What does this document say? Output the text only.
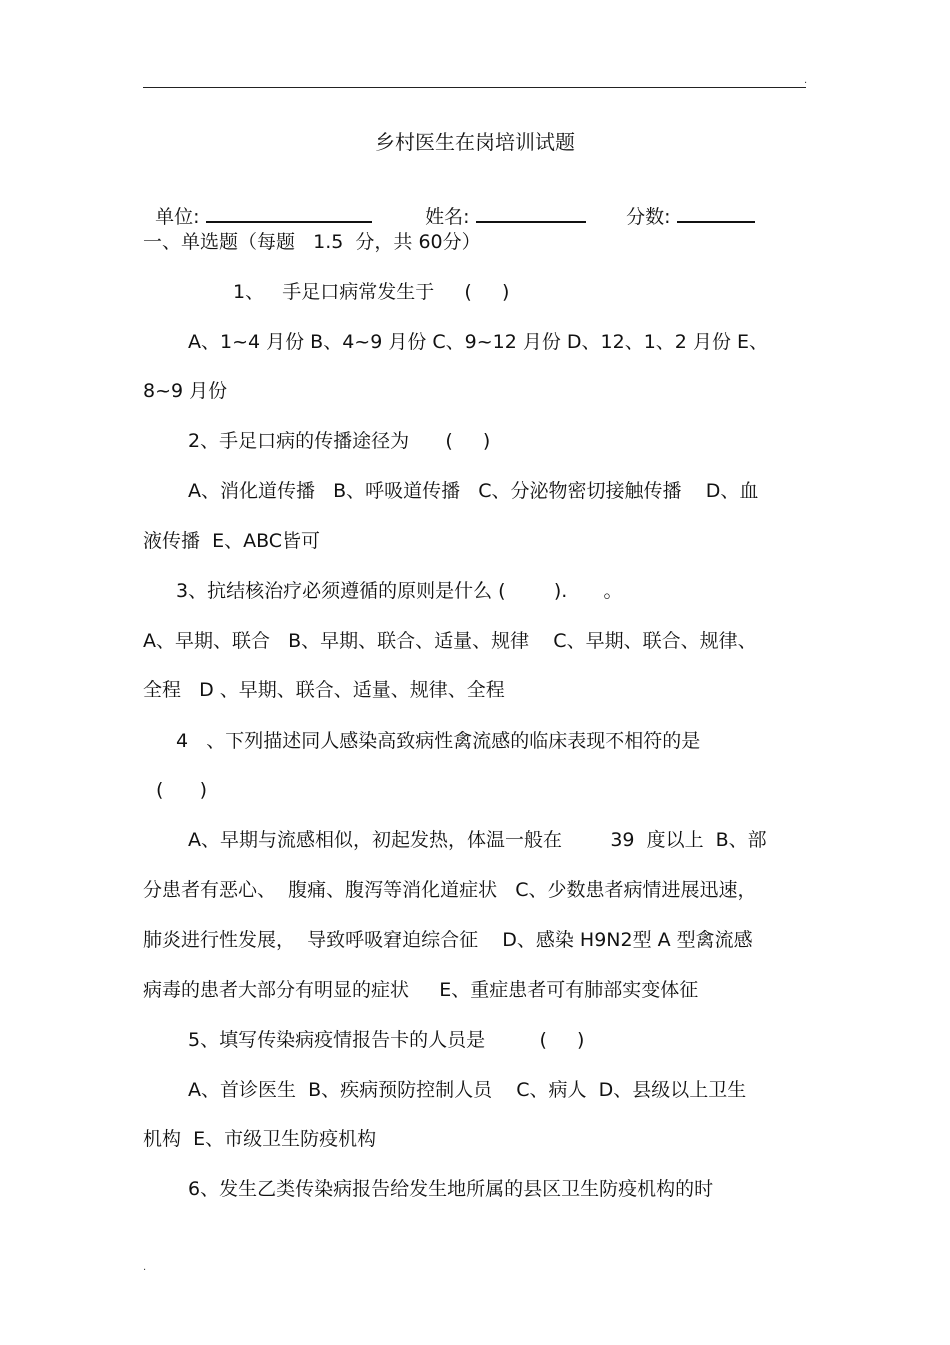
.
乡村医生在岗培训试题

单位:	姓名:	分数:

一、单选题（每题   1.5  分，共 60分）
1、   手足口病常发生于     (     )
A、1~4 月份 B、4~9 月份 C、9~12 月份 D、12、1、2 月份 E、
8~9 月份
2、手足口病的传播途径为      (     )
A、消化道传播   B、呼吸道传播   C、分泌物密切接触传播    D、血
液传播  E、ABC皆可
3、抗结核治疗必须遵循的原则是什么 (        ).      。
A、早期、联合   B、早期、联合、适量、规律    C、早期、联合、规律、
全程   D 、早期、联合、适量、规律、全程
4   、下列描述同人感染高致病性禽流感的临床表现不相符的是
(      )
A、早期与流感相似，初起发热，体温一般在        39  度以上  B、部
分患者有恶心、  腹痛、腹泻等消化道症状   C、少数患者病情进展迅速，
肺炎进行性发展，  导致呼吸窘迫综合征    D、感染 H9N2型 A 型禽流感
病毒的患者大部分有明显的症状     E、重症患者可有肺部实变体征
5、填写传染病疫情报告卡的人员是         (     )
A、首诊医生  B、疾病预防控制人员    C、病人  D、县级以上卫生
机构  E、市级卫生防疫机构
6、发生乙类传染病报告给发生地所属的县区卫生防疫机构的时
.
